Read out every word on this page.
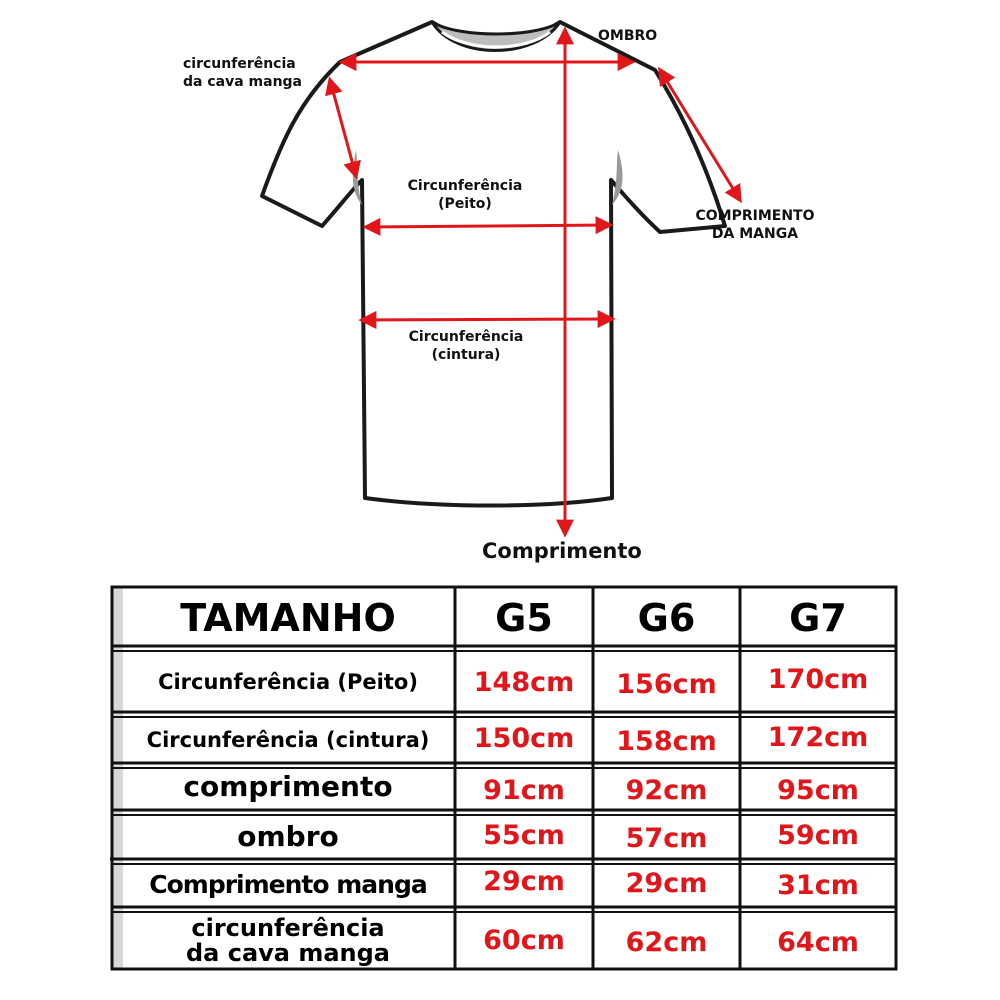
OMBRO
circunferência
da cava manga
Circunferência
(Peito)
Circunferência
(cintura)
COMPRIMENTO
DA MANGA
Comprimento
TAMANHO	G5	G6	G7
Circunferência (Peito)	148cm	156cm	170cm
Circunferência (cintura)	150cm	158cm	172cm
comprimento	91cm	92cm	95cm
ombro	55cm	57cm	59cm
Comprimento manga	29cm	29cm	31cm
circunferência
da cava manga	60cm	62cm	64cm
